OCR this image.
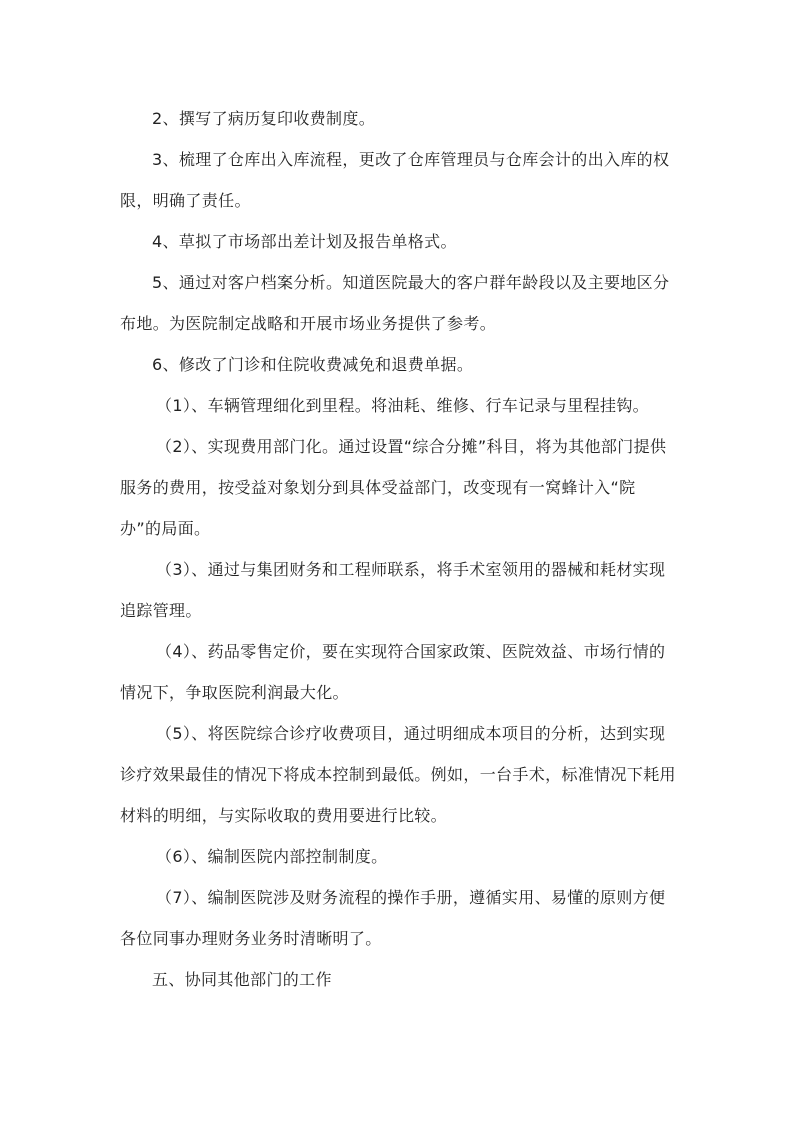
2、撰写了病历复印收费制度。

3、梳理了仓库出入库流程，更改了仓库管理员与仓库会计的出入库的权限，明确了责任。

4、草拟了市场部出差计划及报告单格式。

5、通过对客户档案分析。知道医院最大的客户群年龄段以及主要地区分布地。为医院制定战略和开展市场业务提供了参考。

6、修改了门诊和住院收费减免和退费单据。

（1）、车辆管理细化到里程。将油耗、维修、行车记录与里程挂钩。

（2）、实现费用部门化。通过设置“综合分摊”科目，将为其他部门提供服务的费用，按受益对象划分到具体受益部门，改变现有一窝蜂计入“院办”的局面。

（3）、通过与集团财务和工程师联系，将手术室领用的器械和耗材实现追踪管理。

（4）、药品零售定价，要在实现符合国家政策、医院效益、市场行情的情况下，争取医院利润最大化。

（5）、将医院综合诊疗收费项目，通过明细成本项目的分析，达到实现诊疗效果最佳的情况下将成本控制到最低。例如，一台手术，标准情况下耗用材料的明细，与实际收取的费用要进行比较。

（6）、编制医院内部控制制度。

（7）、编制医院涉及财务流程的操作手册，遵循实用、易懂的原则方便各位同事办理财务业务时清晰明了。

五、协同其他部门的工作
